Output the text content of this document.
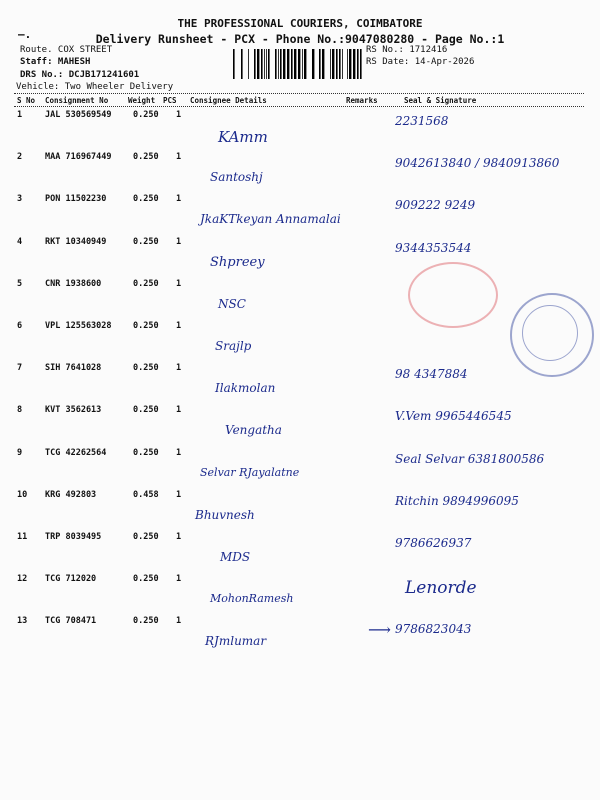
THE PROFESSIONAL COURIERS, COIMBATORE
—.	Delivery Runsheet - PCX - Phone No.:9047080280 - Page No.:1
Route. COX STREET
Staff: MAHESH
DRS No.: DCJB171241601
Vehicle: Two Wheeler Delivery
RS No.: 1712416
RS Date: 14-Apr-2026
S No Consignment No	Weight PCS Consignee Details	Remarks	Seal & Signature
1	JAL 530569549	0.250 1
KAmm
2231568
2	MAA 716967449	0.250 1
Santoshj
9042613840 / 9840913860
3	PON 11502230	0.250 1
JkaKTkeyan Annamalai
909222 9249
4	RKT 10340949	0.250 1
Shpreey
9344353544
5	CNR 1938600	0.250 1
NSC
6	VPL 125563028	0.250 1
Srajlp
7	SIH 7641028	0.250 1
Ilakmolan
98 4347884
8	KVT 3562613	0.250 1
Vengatha
V.Vem 9965446545
9	TCG 42262564	0.250 1
Selvar RJayalatne
Seal Selvar 6381800586
10 KRG 492803	0.458 1
Bhuvnesh
Ritchin 9894996095
11 TRP 8039495	0.250 1
MDS
9786626937
12 TCG 712020	0.250 1
MohonRamesh
Lenorde
13 TCG 708471	0.250 1
RJmlumar
9786823043
⟶
